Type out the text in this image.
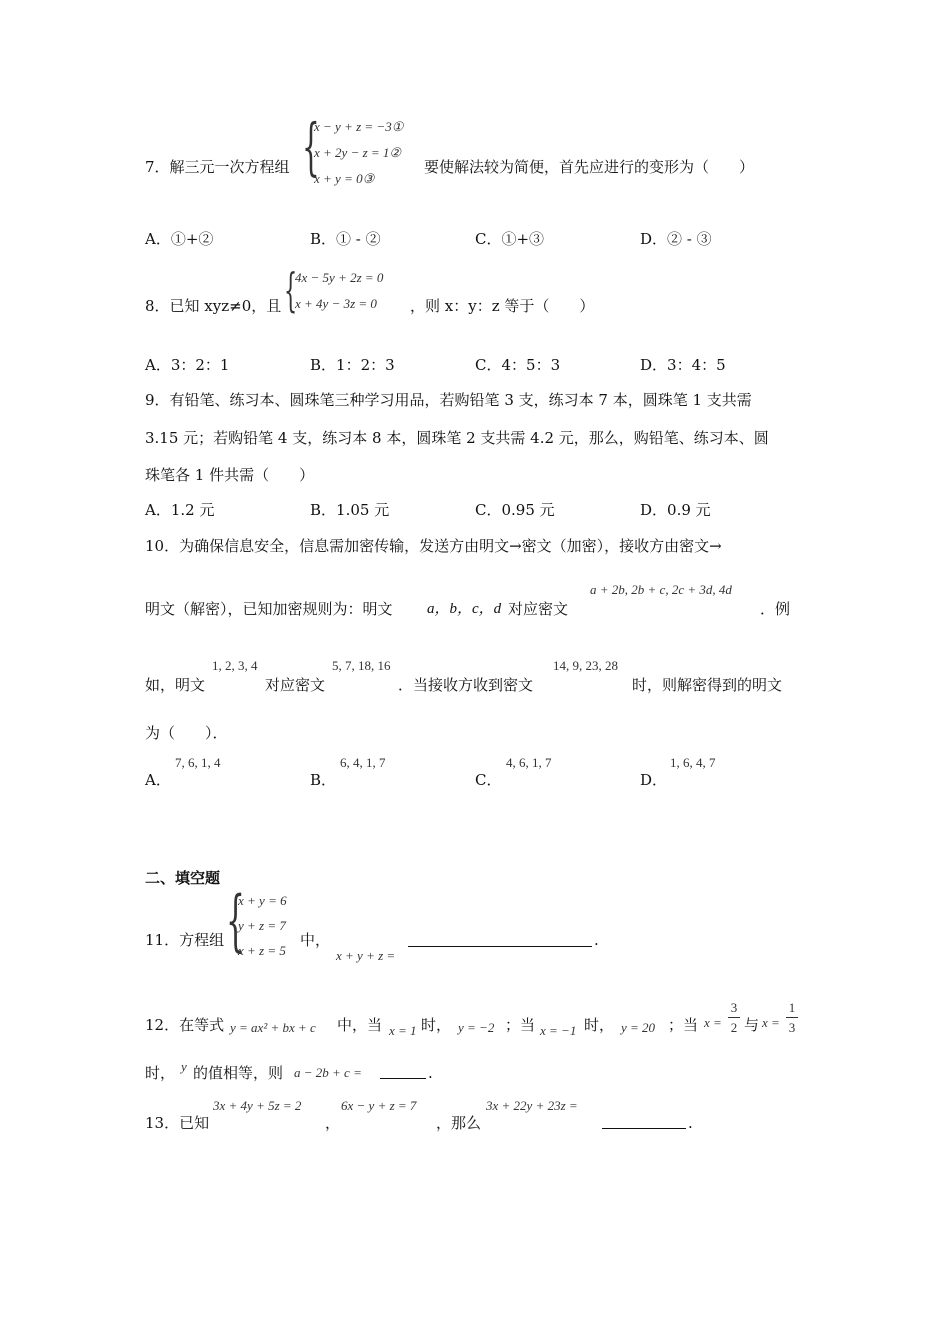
7．解三元一次方程组 {
x − y + z = −3①
x + 2y − z = 1②
x + y = 0③
要使解法较为简便，首先应进行的变形为（　　）
A．①+②	B．① - ②	C．①+③	D．② - ③
8．已知 xyz≠0，且 {
4x − 5y + 2z = 0
x + 4y − 3z = 0 ，则 x：y：z 等于（　　）
A．3：2：1	B．1：2：3	C．4：5：3	D．3：4：5
9．有铅笔、练习本、圆珠笔三种学习用品，若购铅笔 3 支，练习本 7 本，圆珠笔 1 支共需
3.15 元；若购铅笔 4 支，练习本 8 本，圆珠笔 2 支共需 4.2 元，那么，购铅笔、练习本、圆
珠笔各 1 件共需（　　）
A．1.2 元	B．1.05 元	C．0.95 元	D．0.9 元
10．为确保信息安全，信息需加密传输，发送方由明文→密文（加密），接收方由密文→
明文（解密），已知加密规则为：明文 a，b，c，d 对应密文
a + 2b, 2b + c, 2c + 3d, 4d
．例
如，明文
1, 2, 3, 4
对应密文
5, 7, 18, 16
．当接收方收到密文
14, 9, 23, 28
时，则解密得到的明文
为（　　）．
A．
7, 6, 1, 4
B．
6, 4, 1, 7
C．
4, 6, 1, 7
D．
1, 6, 4, 7
二、填空题
11．方程组 {
x + y = 6
y + z = 7
x + z = 5
中，
x + y + z =
.
12．在等式 y = ax² + bx + c 中，当 x = 1 时， y = −2 ；当 x = −1 时， y = 20 ；当 x =
3
2 与 x =
1
3
时， y 的值相等，则 a − 2b + c =	.
13．已知
3x + 4y + 5z = 2
，
6x − y + z = 7
，那么
3x + 22y + 23z =
.
